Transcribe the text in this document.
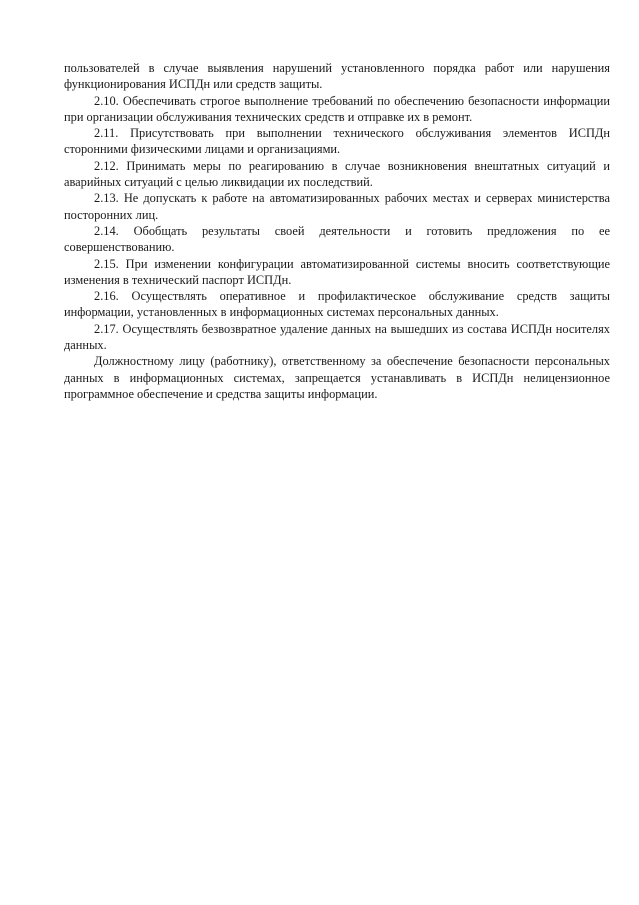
пользователей в случае выявления нарушений установленного порядка работ или нарушения функционирования ИСПДн или средств защиты.

2.10. Обеспечивать строгое выполнение требований по обеспечению безопасности информации при организации обслуживания технических средств и отправке их в ремонт.

2.11. Присутствовать при выполнении технического обслуживания элементов ИСПДн сторонними физическими лицами и организациями.

2.12. Принимать меры по реагированию в случае возникновения внештатных ситуаций и аварийных ситуаций с целью ликвидации их последствий.

2.13. Не допускать к работе на автоматизированных рабочих местах и серверах министерства посторонних лиц.

2.14. Обобщать результаты своей деятельности и готовить предложения по ее совершенствованию.

2.15. При изменении конфигурации автоматизированной системы вносить соответствующие изменения в технический паспорт ИСПДн.

2.16. Осуществлять оперативное и профилактическое обслуживание средств защиты информации, установленных в информационных системах персональных данных.

2.17. Осуществлять безвозвратное удаление данных на вышедших из состава ИСПДн носителях данных.

Должностному лицу (работнику), ответственному за обеспечение безопасности персональных данных в информационных системах, запрещается устанавливать в ИСПДн нелицензионное программное обеспечение и средства защиты информации.
